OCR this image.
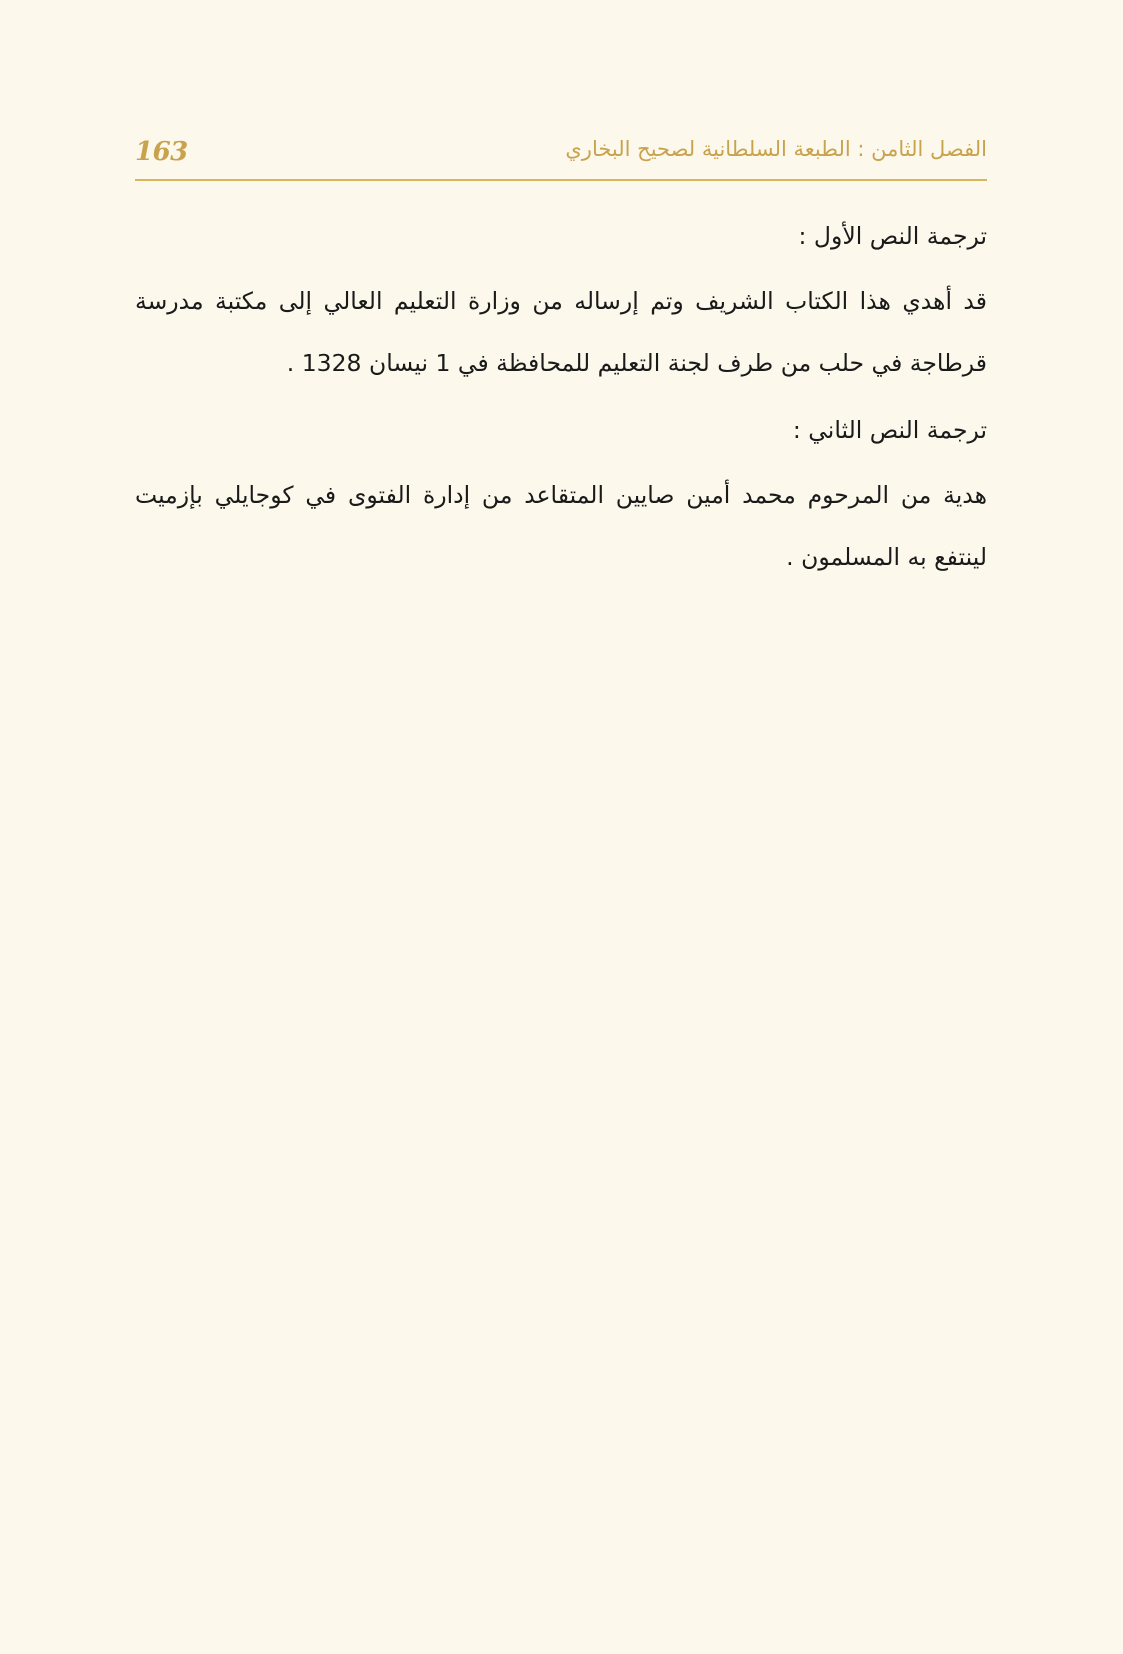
163	الفصل الثامن : الطبعة السلطانية لصحيح البخاري

ترجمة النص الأول :

قد أهدي هذا الكتاب الشريف وتم إرساله من وزارة التعليم العالي إلى مكتبة مدرسة قرطاجة في حلب من طرف لجنة التعليم للمحافظة في 1 نيسان 1328 .

ترجمة النص الثاني :

هدية من المرحوم محمد أمين صايين المتقاعد من إدارة الفتوى في كوجايلي بإزميت لينتفع به المسلمون .
